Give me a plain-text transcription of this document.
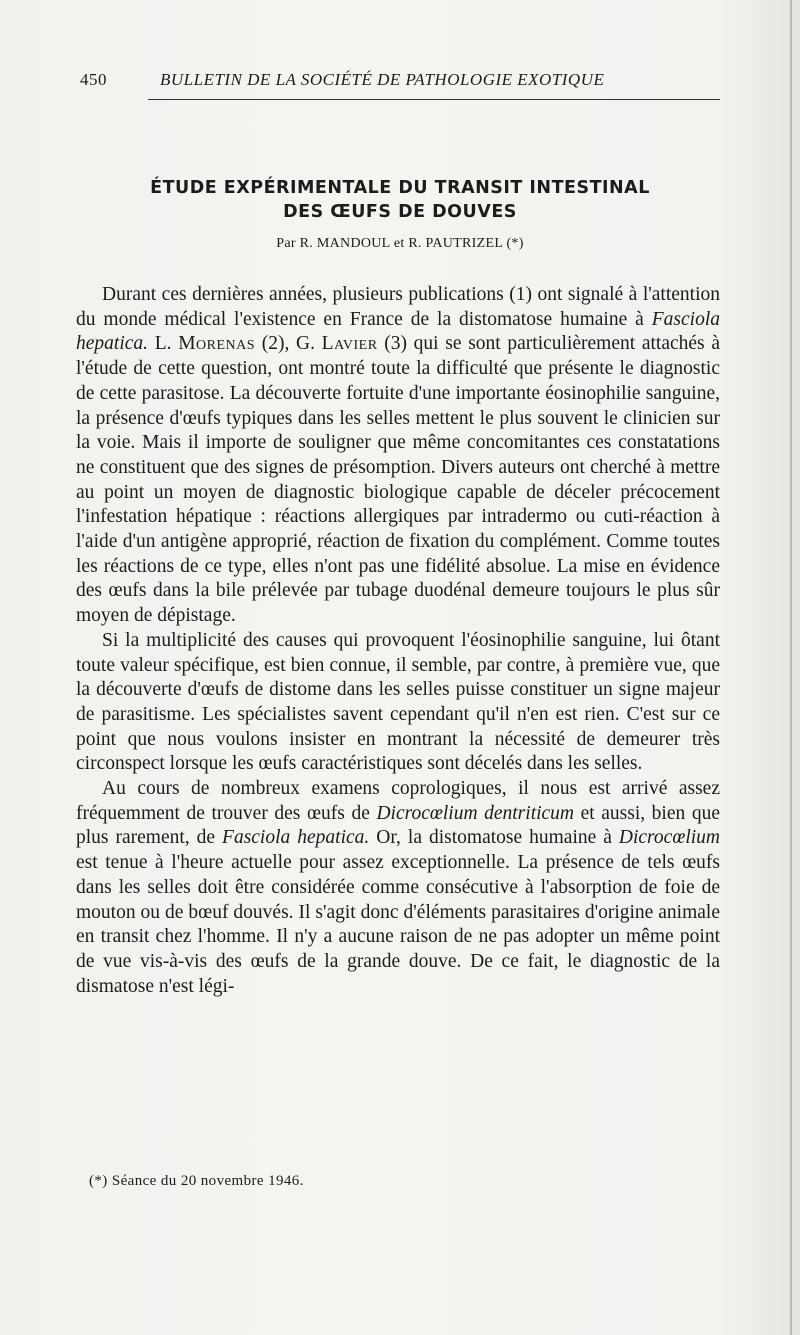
450	BULLETIN DE LA SOCIÉTÉ DE PATHOLOGIE EXOTIQUE
ÉTUDE EXPÉRIMENTALE DU TRANSIT INTESTINAL
DES ŒUFS DE DOUVES
Par R. MANDOUL et R. PAUTRIZEL (*)

Durant ces dernières années, plusieurs publications (1) ont signalé à l'attention du monde médical l'existence en France de la distomatose humaine à Fasciola hepatica. L. Morenas (2), G. Lavier (3) qui se sont particulièrement attachés à l'étude de cette question, ont montré toute la difficulté que présente le diagnostic de cette parasitose. La découverte fortuite d'une importante éosinophilie sanguine, la présence d'œufs typiques dans les selles mettent le plus souvent le clinicien sur la voie. Mais il importe de souligner que même concomitantes ces constatations ne constituent que des signes de présomption. Divers auteurs ont cherché à mettre au point un moyen de diagnostic biologique capable de déceler précocement l'infestation hépatique : réactions allergiques par intradermo ou cuti-réaction à l'aide d'un antigène approprié, réaction de fixation du complément. Comme toutes les réactions de ce type, elles n'ont pas une fidélité absolue. La mise en évidence des œufs dans la bile prélevée par tubage duodénal demeure toujours le plus sûr moyen de dépistage.

Si la multiplicité des causes qui provoquent l'éosinophilie sanguine, lui ôtant toute valeur spécifique, est bien connue, il semble, par contre, à première vue, que la découverte d'œufs de distome dans les selles puisse constituer un signe majeur de parasitisme. Les spécialistes savent cependant qu'il n'en est rien. C'est sur ce point que nous voulons insister en montrant la nécessité de demeurer très circonspect lorsque les œufs caractéristiques sont décelés dans les selles.

Au cours de nombreux examens coprologiques, il nous est arrivé assez fréquemment de trouver des œufs de Dicrocœlium dentriticum et aussi, bien que plus rarement, de Fasciola hepatica. Or, la distomatose humaine à Dicrocœlium est tenue à l'heure actuelle pour assez exceptionnelle. La présence de tels œufs dans les selles doit être considérée comme consécutive à l'absorption de foie de mouton ou de bœuf douvés. Il s'agit donc d'éléments parasitaires d'origine animale en transit chez l'homme. Il n'y a aucune raison de ne pas adopter un même point de vue vis-à-vis des œufs de la grande douve. De ce fait, le diagnostic de la dismatose n'est légi-

(*) Séance du 20 novembre 1946.
